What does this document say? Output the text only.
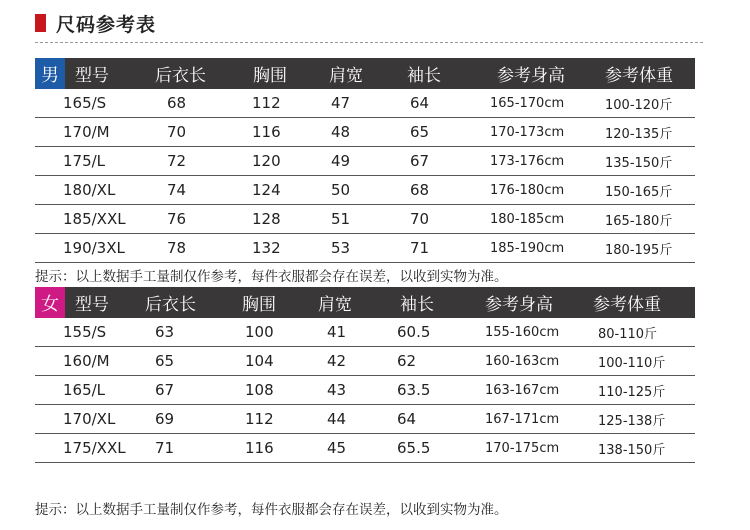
尺码参考表
男 型号	后衣长	胸围 肩宽	袖长	参考身高 参考体重
165/S	68	112	47	64	165-170cm	100-120斤
170/M	70	116	48	65	170-173cm	120-135斤
175/L	72	120	49	67	173-176cm	135-150斤
180/XL	74	124	50	68	176-180cm	150-165斤
185/XXL	76	128	51	70	180-185cm	165-180斤
190/3XL	78	132	53	71	185-190cm	180-195斤
提示：以上数据手工量制仅作参考，每件衣服都会存在误差，以收到实物为准。
女 型号 后衣长	胸围 肩宽	袖长	参考身高 参考体重
155/S	63	100	41	60.5	155-160cm	80-110斤
160/M	65	104	42	62	160-163cm	100-110斤
165/L	67	108	43	63.5	163-167cm	110-125斤
170/XL	69	112	44	64	167-171cm	125-138斤
175/XXL 71	116	45	65.5	170-175cm	138-150斤
提示：以上数据手工量制仅作参考，每件衣服都会存在误差，以收到实物为准。
